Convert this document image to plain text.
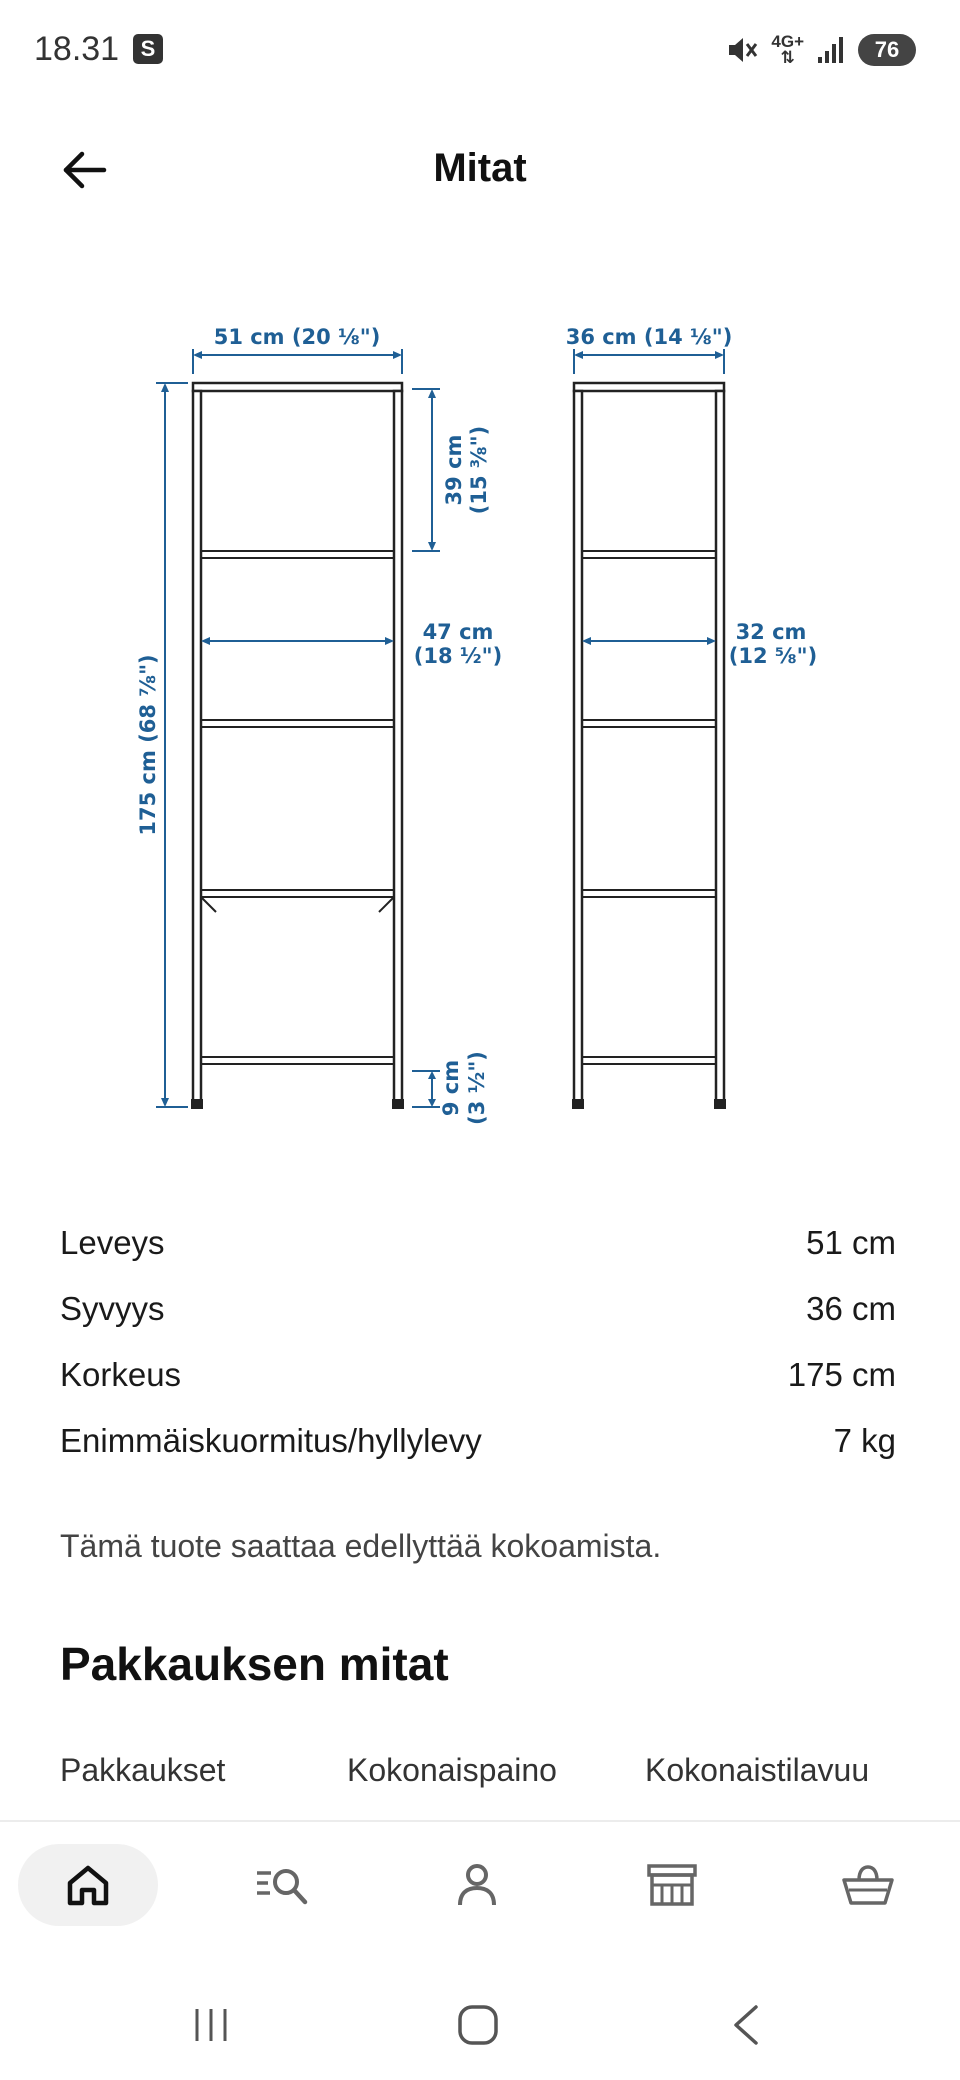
18.31 S	4G+
⇅	76
Mitat
51 cm (20 ⅛")	36 cm (14 ⅛")
175 cm (68 ⅞")
39 cm (15 ⅜")
47 cm
(18 ½")
32 cm
(12 ⅝")
9 cm (3 ½")
Leveys	51 cm
Syvyys	36 cm
Korkeus	175 cm
Enimmäiskuormitus/hyllylevy	7 kg
Tämä tuote saattaa edellyttää kokoamista.
Pakkauksen mitat
Pakkaukset	Kokonaispaino	Kokonaistilavuu
